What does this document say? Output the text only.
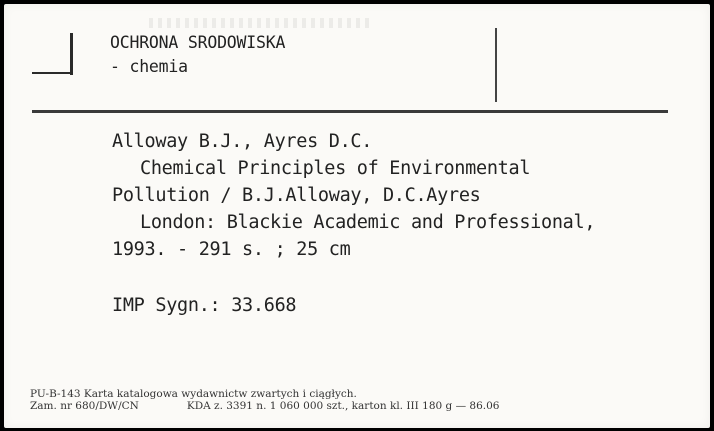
OCHRONA SRODOWISKA
- chemia
Alloway B.J., Ayres D.C.
Chemical Principles of Environmental
Pollution / B.J.Alloway, D.C.Ayres
London: Blackie Academic and Professional,
1993. - 291 s. ; 25 cm
IMP Sygn.: 33.668
PU-B-143 Karta katalogowa wydawnictw zwartych i ciągłych.
Zam. nr 680/DW/CN	KDA z. 3391 n. 1 060 000 szt., karton kl. III 180 g — 86.06
